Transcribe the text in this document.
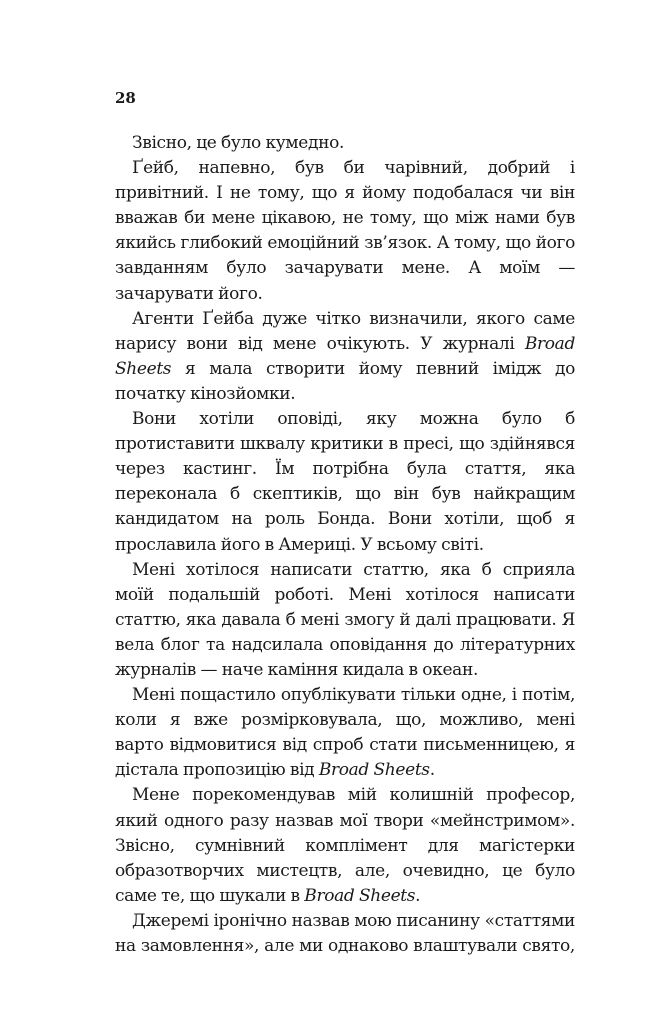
28

Звісно, це було кумедно.

Ґейб, напевно, був би чарівний, добрий і привітний. І не тому, що я йому подобалася чи він вважав би мене цікавою, не тому, що між нами був якийсь глибокий емоційний зв’язок. А тому, що його завданням було зачарувати мене. А моїм — зачарувати його.

Агенти Ґейба дуже чітко визначили, якого саме нарису вони від мене очікують. У журналі Broad Sheets я мала створити йому певний імідж до початку кінозйомки.

Вони хотіли оповіді, яку можна було б протиставити шквалу критики в пресі, що здійнявся через кастинг. Їм потрібна була стаття, яка переконала б скептиків, що він був найкращим кандидатом на роль Бонда. Вони хотіли, щоб я прославила його в Америці. У всьому світі.

Мені хотілося написати статтю, яка б сприяла моїй подальшій роботі. Мені хотілося написати статтю, яка давала б мені змогу й далі працювати. Я вела блог та надсилала оповідання до літературних журналів — наче каміння кидала в океан.

Мені пощастило опублікувати тільки одне, і потім, коли я вже розмірковувала, що, можливо, мені варто відмовитися від спроб стати письменницею, я дістала пропозицію від Broad Sheets.

Мене порекомендував мій колишній професор, який одного разу назвав мої твори «мейнстримом». Звісно, сумнівний комплімент для магістерки образотворчих мистецтв, але, очевидно, це було саме те, що шукали в Broad Sheets.

Джеремі іронічно назвав мою писанину «статтями на замовлення», але ми однаково влаштували свято,
